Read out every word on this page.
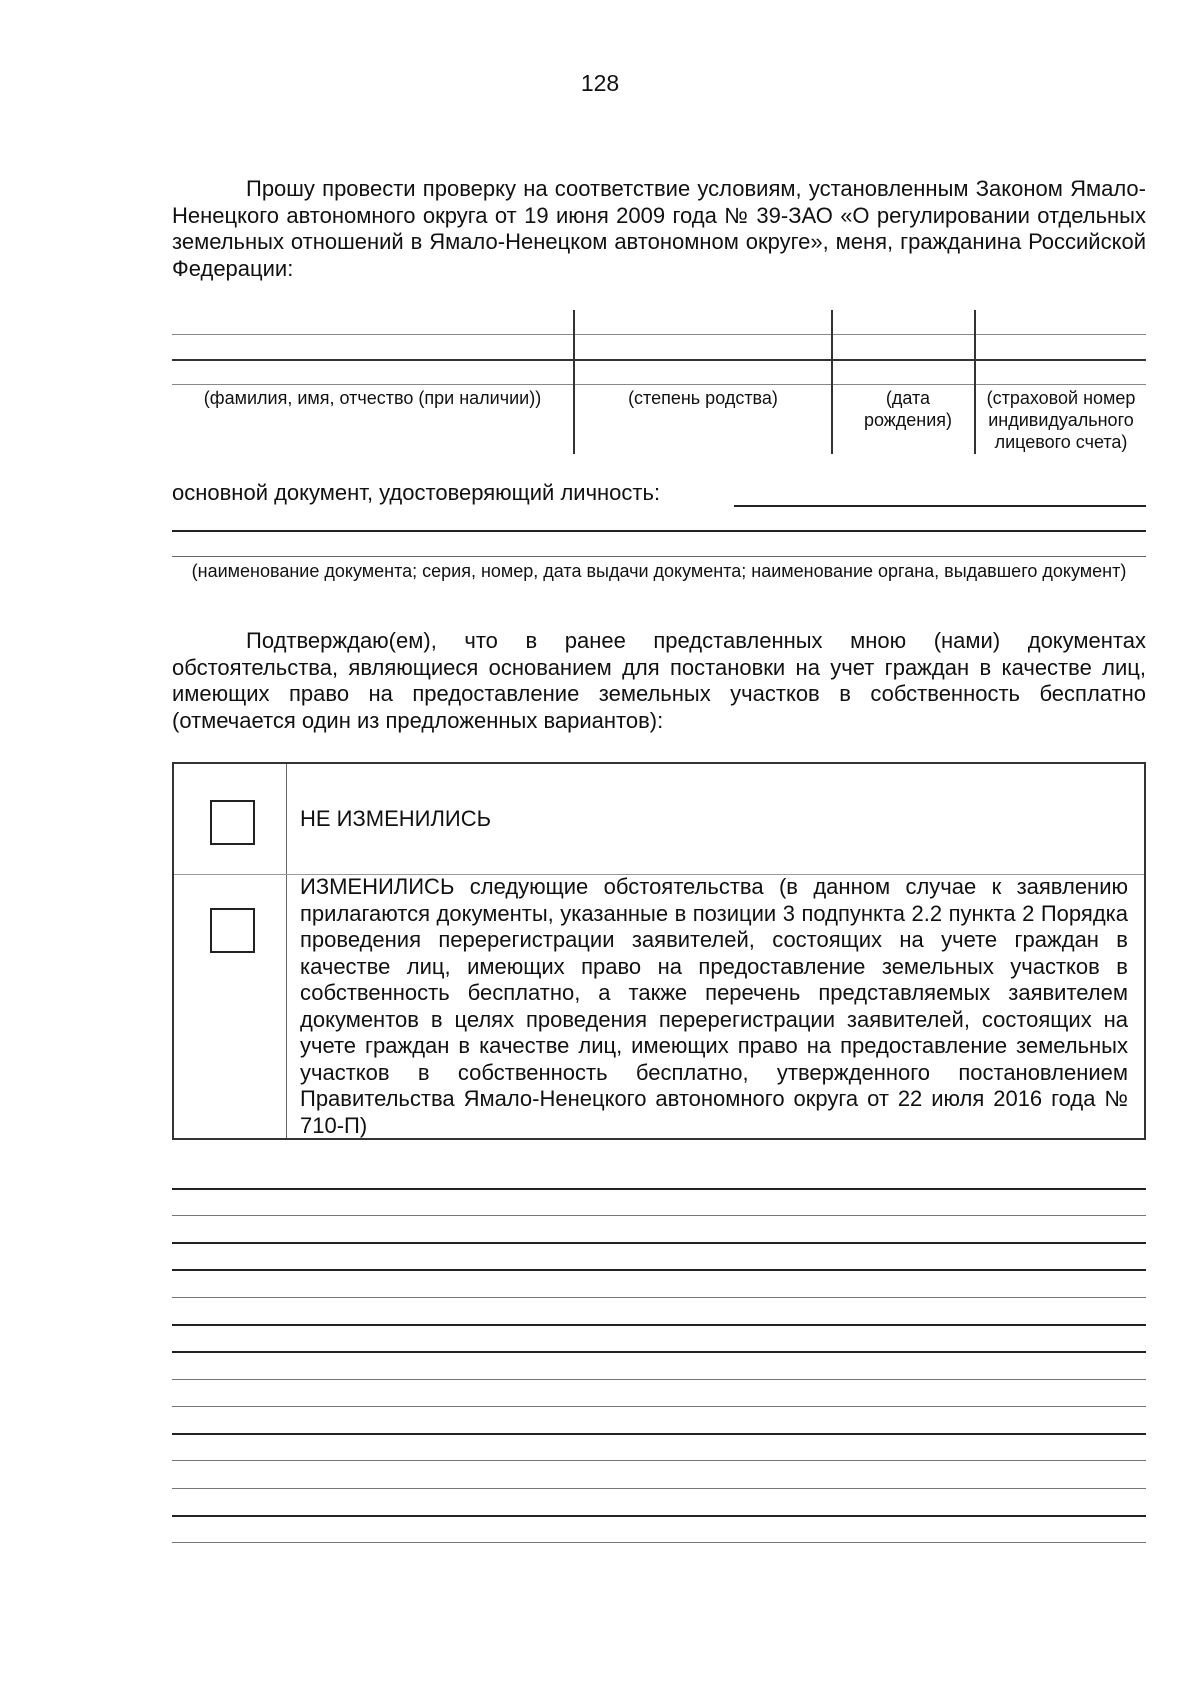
128
Прошу провести проверку на соответствие условиям, установленным Законом Ямало-Ненецкого автономного округа от 19 июня 2009 года № 39-ЗАО «О регулировании отдельных земельных отношений в Ямало-Ненецком автономном округе», меня, гражданина Российской Федерации:
(фамилия, имя, отчество (при наличии))	(степень родства)	(дата рождения)
(страховой номер индивидуального лицевого счета)
основной документ, удостоверяющий личность:
(наименование документа; серия, номер, дата выдачи документа; наименование органа, выдавшего документ)
Подтверждаю(ем), что в ранее представленных мною (нами) документах обстоятельства, являющиеся основанием для постановки на учет граждан в качестве лиц, имеющих право на предоставление земельных участков в собственность бесплатно (отмечается один из предложенных вариантов):
НЕ ИЗМЕНИЛИСЬ
ИЗМЕНИЛИСЬ следующие обстоятельства (в данном случае к заявлению прилагаются документы, указанные в позиции 3 подпункта 2.2 пункта 2 Порядка проведения перерегистрации заявителей, состоящих на учете граждан в качестве лиц, имеющих право на предоставление земельных участков в собственность бесплатно, а также перечень представляемых заявителем документов в целях проведения перерегистрации заявителей, состоящих на учете граждан в качестве лиц, имеющих право на предоставление земельных участков в собственность бесплатно, утвержденного постановлением Правительства Ямало-Ненецкого автономного округа от 22 июля 2016 года № 710-П)
